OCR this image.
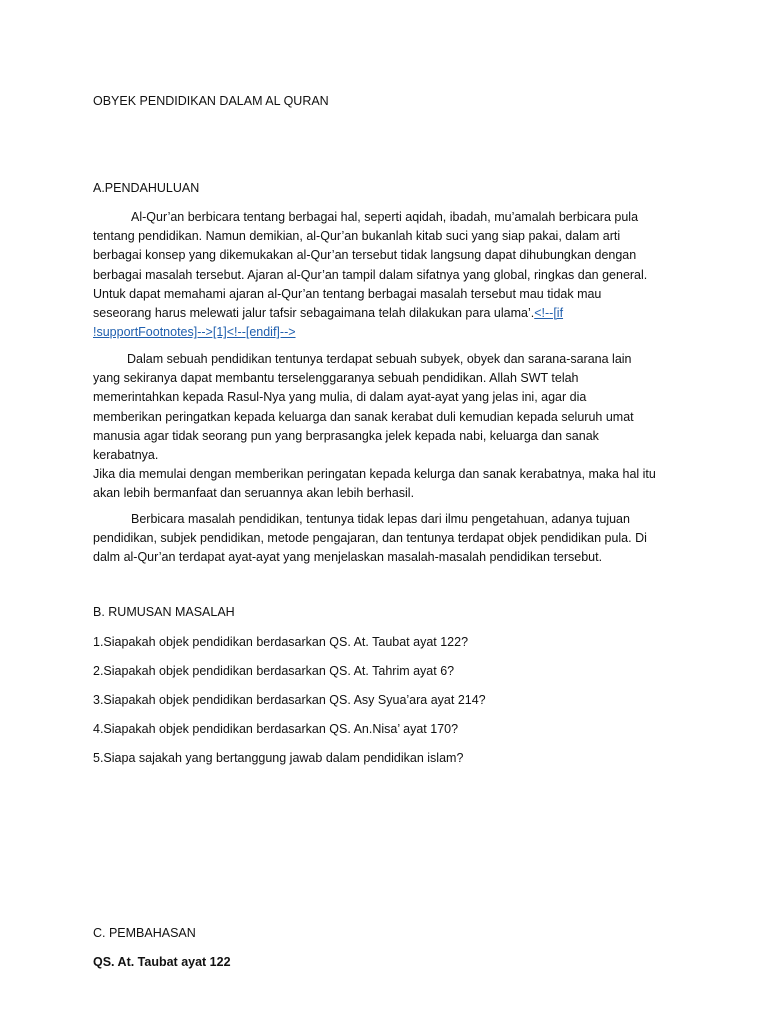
OBYEK PENDIDIKAN DALAM AL QURAN
A.PENDAHULUAN
Al-Qur’an berbicara tentang berbagai hal, seperti aqidah, ibadah, mu’amalah berbicara pula
tentang pendidikan. Namun demikian, al-Qur’an bukanlah kitab suci yang siap pakai, dalam arti
berbagai konsep yang dikemukakan al-Qur’an tersebut tidak langsung dapat dihubungkan dengan
berbagai masalah tersebut. Ajaran al-Qur’an tampil dalam sifatnya yang global, ringkas dan general.
Untuk dapat memahami ajaran al-Qur’an tentang berbagai masalah tersebut mau tidak mau
seseorang harus melewati jalur tafsir sebagaimana telah dilakukan para ulama’.<!--[if
!supportFootnotes]-->[1]<!--[endif]-->
Dalam sebuah pendidikan tentunya terdapat sebuah subyek, obyek dan sarana-sarana lain
yang sekiranya dapat membantu terselenggaranya sebuah pendidikan. Allah SWT telah
memerintahkan kepada Rasul-Nya yang mulia, di dalam ayat-ayat yang jelas ini, agar dia
memberikan peringatkan kepada keluarga dan sanak kerabat duli kemudian kepada seluruh umat
manusia agar tidak seorang pun yang berprasangka jelek kepada nabi, keluarga dan sanak
kerabatnya.
Jika dia memulai dengan memberikan peringatan kepada kelurga dan sanak kerabatnya, maka hal itu
akan lebih bermanfaat dan seruannya akan lebih berhasil.
Berbicara masalah pendidikan, tentunya tidak lepas dari ilmu pengetahuan, adanya tujuan
pendidikan, subjek pendidikan, metode pengajaran, dan tentunya terdapat objek pendidikan pula. Di
dalm al-Qur’an terdapat ayat-ayat yang menjelaskan masalah-masalah pendidikan tersebut.
B. RUMUSAN MASALAH
1.Siapakah objek pendidikan berdasarkan QS. At. Taubat ayat 122?
2.Siapakah objek pendidikan berdasarkan QS. At. Tahrim ayat 6?
3.Siapakah objek pendidikan berdasarkan QS. Asy Syua’ara ayat 214?
4.Siapakah objek pendidikan berdasarkan QS. An.Nisa’ ayat 170?
5.Siapa sajakah yang bertanggung jawab dalam pendidikan islam?
C. PEMBAHASAN
QS. At. Taubat ayat 122
